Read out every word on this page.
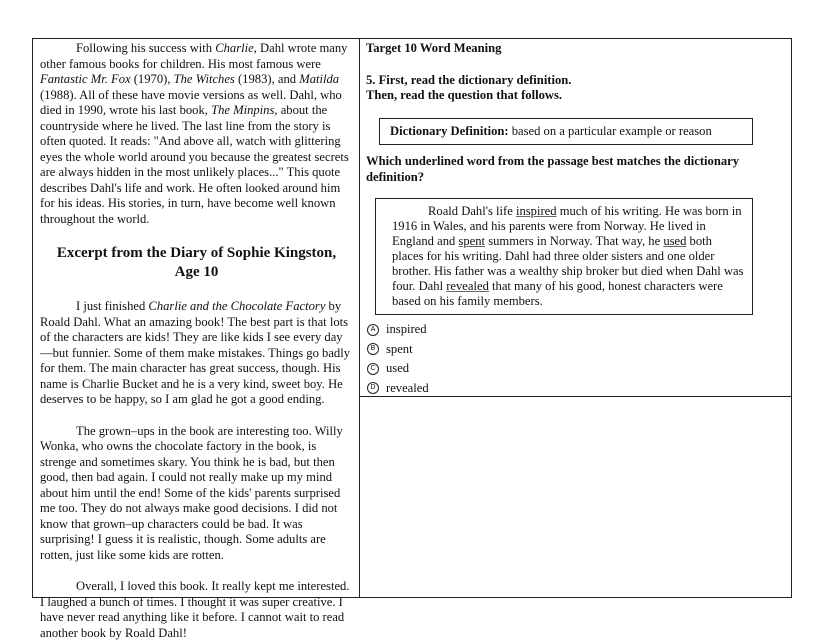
Following his success with Charlie, Dahl wrote many other famous books for children. His most famous were Fantastic Mr. Fox (1970), The Witches (1983), and Matilda (1988). All of these have movie versions as well. Dahl, who died in 1990, wrote his last book, The Minpins, about the countryside where he lived. The last line from the story is often quoted. It reads: "And above all, watch with glittering eyes the whole world around you because the greatest secrets are always hidden in the most unlikely places..." This quote describes Dahl's life and work. He often looked around him for his ideas. His stories, in turn, have become well known throughout the world.

Excerpt from the Diary of Sophie Kingston,
Age 10

I just finished Charlie and the Chocolate Factory by Roald Dahl. What an amazing book! The best part is that lots of the characters are kids! They are like kids I see every day—but funnier. Some of them make mistakes. Things go badly for them. The main character has great success, though. His name is Charlie Bucket and he is a very kind, sweet boy. He deserves to be happy, so I am glad he got a good ending.

The grown–ups in the book are interesting too. Willy Wonka, who owns the chocolate factory in the book, is strenge and sometimes skary. You think he is bad, but then good, then bad again. I could not really make up my mind about him until the end! Some of the kids' parents surprised me too. They do not always make good decisions. I did not know that grown–up characters could be bad. It was surprising! I guess it is realistic, though. Some adults are rotten, just like some kids are rotten.

Overall, I loved this book. It really kept me interested. I laughed a bunch of times. I thought it was super creative. I have never read anything like it before. I cannot wait to read another book by Roald Dahl!

Target 10 Word Meaning
5. First, read the dictionary definition.
Then, read the question that follows.
Dictionary Definition: based on a particular example or reason
Which underlined word from the passage best matches the dictionary definition?

Roald Dahl's life inspired much of his writing. He was born in 1916 in Wales, and his parents were from Norway. He lived in England and spent summers in Norway. That way, he used both places for his writing. Dahl had three older sisters and one older brother. His father was a wealthy ship broker but died when Dahl was four. Dahl revealed that many of his good, honest characters were based on his family members.

A inspired
B spent
C used
D revealed
